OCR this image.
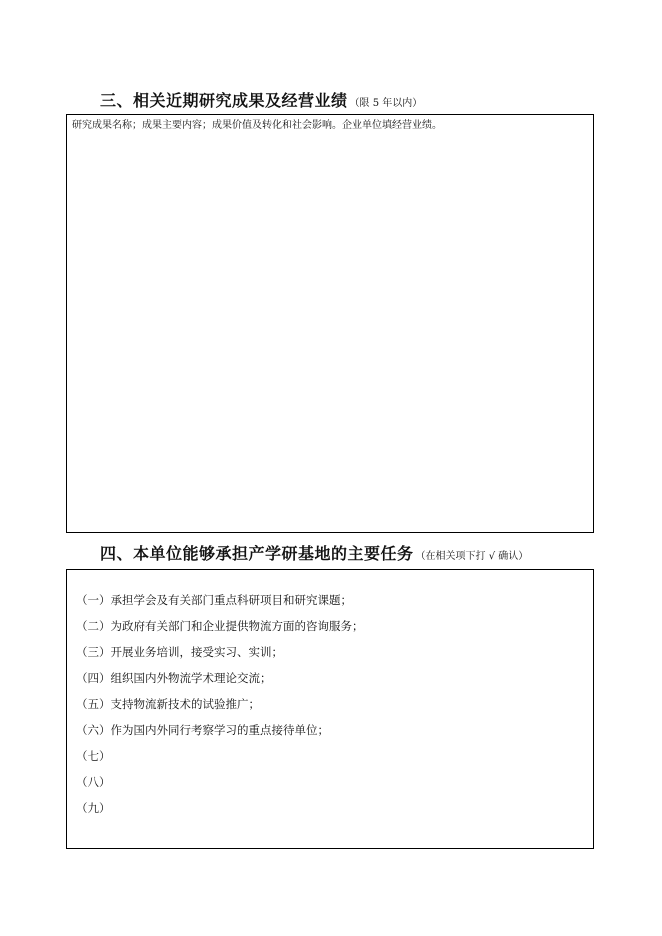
三、相关近期研究成果及经营业绩 （限 5 年以内）
研究成果名称；成果主要内容；成果价值及转化和社会影响。企业单位填经营业绩。
四、本单位能够承担产学研基地的主要任务 （在相关项下打 √ 确认）
（一）承担学会及有关部门重点科研项目和研究课题；
（二）为政府有关部门和企业提供物流方面的咨询服务；
（三）开展业务培训，接受实习、实训；
（四）组织国内外物流学术理论交流；
（五）支持物流新技术的试验推广；
（六）作为国内外同行考察学习的重点接待单位；
（七）
（八）
（九）
